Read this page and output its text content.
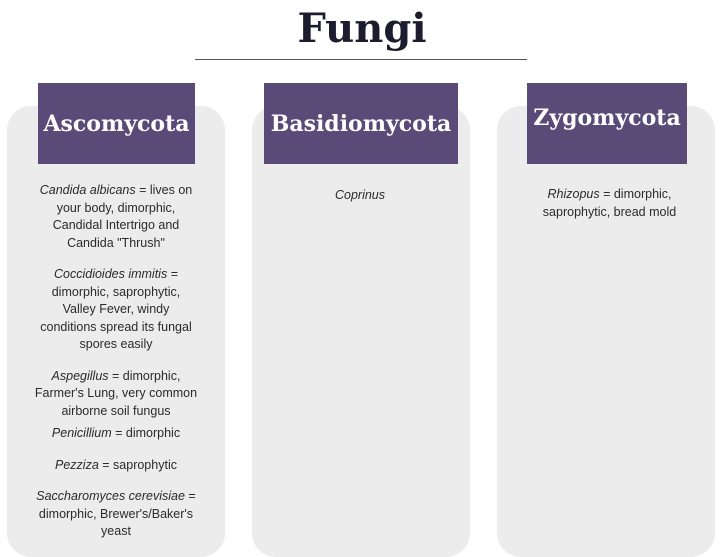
Fungi
Ascomycota

Candida albicans = lives on your body, dimorphic, Candidal Intertrigo and Candida "Thrush"

Coccidioides immitis = dimorphic, saprophytic, Valley Fever, windy conditions spread its fungal spores easily

Aspegillus = dimorphic, Farmer's Lung, very common airborne soil fungus

Penicillium = dimorphic

Pezziza = saprophytic

Saccharomyces cerevisiae = dimorphic, Brewer's/Baker's yeast

Basidiomycota

Coprinus

Zygomycota

Rhizopus = dimorphic, saprophytic, bread mold
